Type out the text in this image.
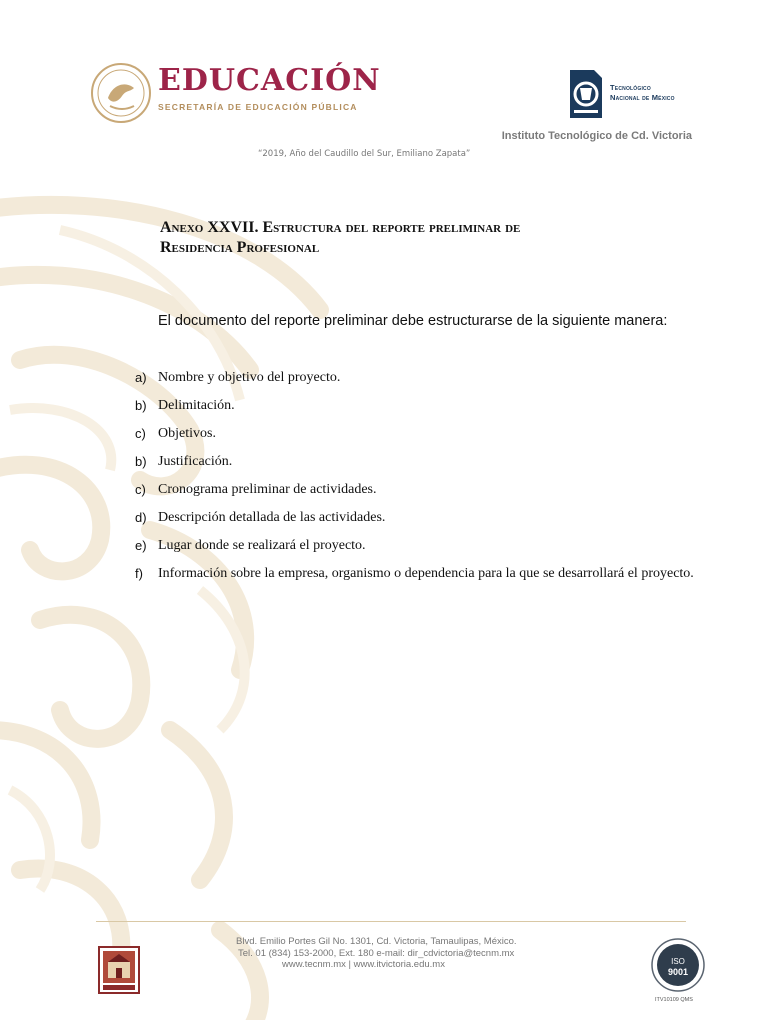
EDUCACIÓN
SECRETARÍA DE EDUCACIÓN PÚBLICA
Tecnológico
Nacional de México
Instituto Tecnológico de Cd. Victoria
“2019, Año del Caudillo del Sur, Emiliano Zapata”
Anexo XXVII. Estructura del reporte preliminar de
Residencia Profesional
El documento del reporte preliminar debe estructurarse de la siguiente manera:
a) Nombre y objetivo del proyecto.
b) Delimitación.
c) Objetivos.
b) Justificación.
c) Cronograma preliminar de actividades.
d) Descripción detallada de las actividades.
e) Lugar donde se realizará el proyecto.
f)	Información sobre la empresa, organismo o dependencia para la que se desarrollará el proyecto.
Blvd. Emilio Portes Gil No. 1301, Cd. Victoria, Tamaulipas, México.
Tel. 01 (834) 153-2000, Ext. 180 e-mail: dir_cdvictoria@tecnm.mx
www.tecnm.mx | www.itvictoria.edu.mx	ISO
9001
ITV10109 QMS
